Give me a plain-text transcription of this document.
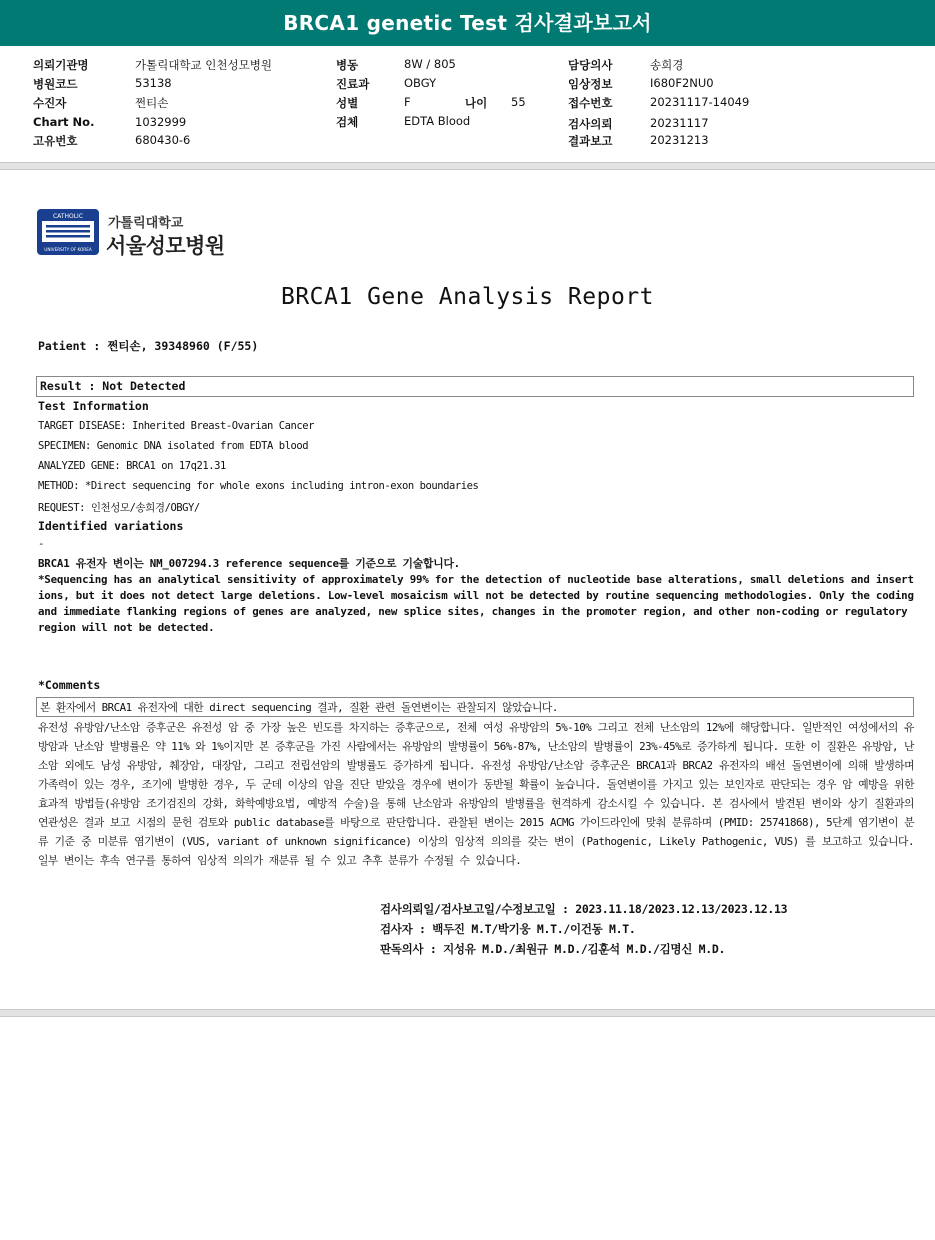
BRCA1 genetic Test 검사결과보고서
의뢰기관명	가톨릭대학교 인천성모병원
병원코드	53138
수진자	쩐티손
Chart No.	1032999
고유번호	680430-6
병동	8W / 805
진료과	OBGY
성별	F	나이 55
검체	EDTA Blood
담당의사	송희경
임상정보	I680F2NU0
접수번호	20231117-14049
검사의뢰	20231117
결과보고	20231213
CATHOLIC
UNIVERSITY OF KOREA
가톨릭대학교
서울성모병원
BRCA1 Gene Analysis Report
Patient : 쩐티손, 39348960 (F/55)
Result : Not Detected
Test Information
TARGET DISEASE: Inherited Breast-Ovarian Cancer
SPECIMEN: Genomic DNA isolated from EDTA blood
ANALYZED GENE: BRCA1 on 17q21.31
METHOD: *Direct sequencing for whole exons including intron-exon boundaries
REQUEST: 인천성모/송희경/OBGY/
Identified variations
-
BRCA1 유전자 변이는 NM_007294.3 reference sequence를 기준으로 기술합니다.
*Sequencing has an analytical sensitivity of approximately 99% for the detection of nucleotide base alterations, small deletions and insertions, but it does not detect large deletions. Low-level mosaicism will not be detected by routine sequencing methodologies. Only the coding and immediate flanking regions of genes are analyzed, new splice sites, changes in the promoter region, and other non-coding or regulatory region will not be detected.
*Comments
본 환자에서 BRCA1 유전자에 대한 direct sequencing 결과, 질환 관련 돌연변이는 관찰되지 않았습니다.
유전성 유방암/난소암 증후군은 유전성 암 중 가장 높은 빈도를 차지하는 증후군으로, 전체 여성 유방암의 5%-10% 그리고 전체 난소암의 12%에 해당합니다. 일반적인 여성에서의 유방암과 난소암 발병률은 약 11% 와 1%이지만 본 증후군을 가진 사람에서는 유방암의 발병률이 56%-87%, 난소암의 발병률이 23%-45%로 증가하게 됩니다. 또한 이 질환은 유방암, 난소암 외에도 남성 유방암, 췌장암, 대장암, 그리고 전립선암의 발병률도 증가하게 됩니다. 유전성 유방암/난소암 증후군은 BRCA1과 BRCA2 유전자의 배선 돌연변이에 의해 발생하며 가족력이 있는 경우, 조기에 발병한 경우, 두 군데 이상의 암을 진단 받았을 경우에 변이가 동반될 확률이 높습니다. 돌연변이를 가지고 있는 보인자로 판단되는 경우 암 예방을 위한 효과적 방법들(유방암 조기검진의 강화, 화학예방요법, 예방적 수술)을 통해 난소암과 유방암의 발병률을 현격하게 감소시킬 수 있습니다. 본 검사에서 발견된 변이와 상기 질환과의 연관성은 결과 보고 시점의 문헌 검토와 public database를 바탕으로 판단합니다. 관찰된 변이는 2015 ACMG 가이드라인에 맞춰 분류하며 (PMID: 25741868), 5단계 염기변이 분류 기준 중 미분류 염기변이 (VUS, variant of unknown significance) 이상의 임상적 의의를 갖는 변이 (Pathogenic, Likely Pathogenic, VUS) 를 보고하고 있습니다. 일부 변이는 후속 연구를 통하여 임상적 의의가 재분류 될 수 있고 추후 분류가 수정될 수 있습니다.
검사의뢰일/검사보고일/수정보고일 : 2023.11.18/2023.12.13/2023.12.13
검사자 : 백두진 M.T/박기웅 M.T./이건동 M.T.
판독의사 : 지성유 M.D./최원규 M.D./김훈석 M.D./김명신 M.D.
